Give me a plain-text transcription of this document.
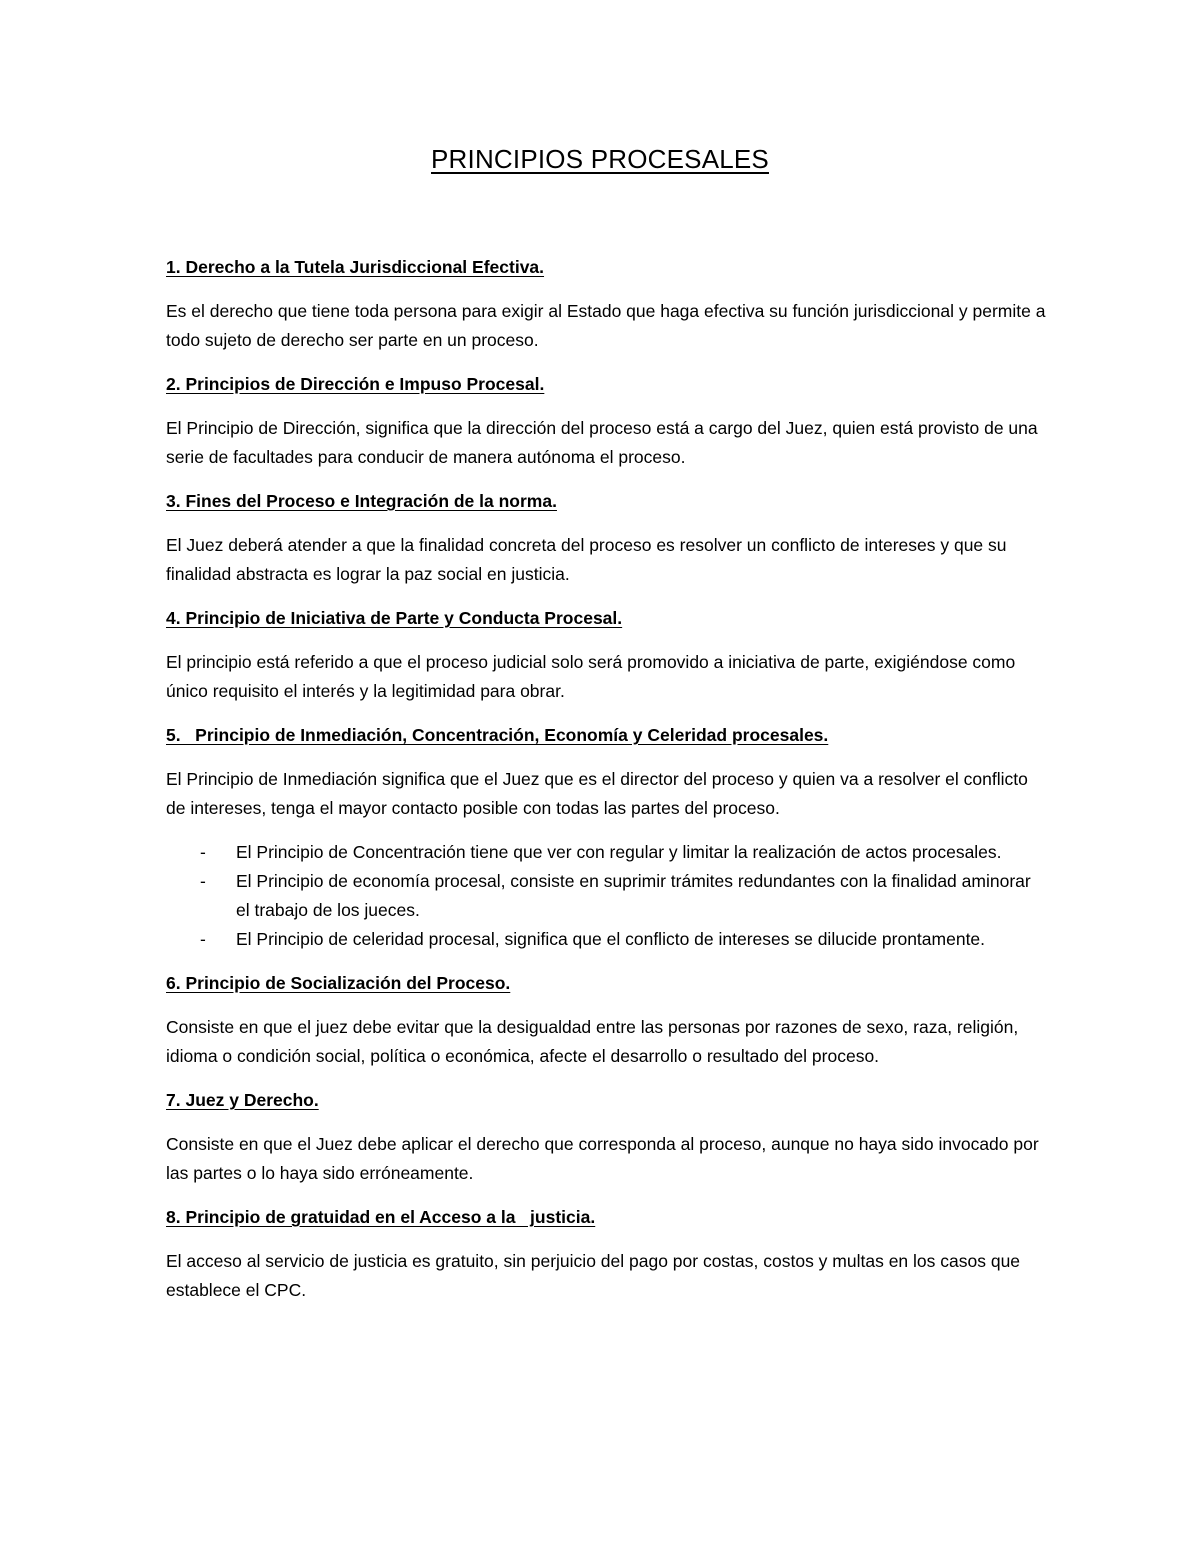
PRINCIPIOS PROCESALES
1. Derecho a la Tutela Jurisdiccional Efectiva.

Es el derecho que tiene toda persona para exigir al Estado que haga efectiva su función jurisdiccional y permite a todo sujeto de derecho ser parte en un proceso.

2. Principios de Dirección e Impuso Procesal.

El Principio de Dirección, significa que la dirección del proceso está a cargo del Juez, quien está provisto de una serie de facultades para conducir de manera autónoma el proceso.

3. Fines del Proceso e Integración de la norma.

El Juez deberá atender a que la finalidad concreta del proceso es resolver un conflicto de intereses y que su finalidad abstracta es lograr la paz social en justicia.

4. Principio de Iniciativa de Parte y Conducta Procesal.

El principio está referido a que el proceso judicial solo será promovido a iniciativa de parte, exigiéndose como único requisito el interés y la legitimidad para obrar.

5.   Principio de Inmediación, Concentración, Economía y Celeridad procesales.

El Principio de Inmediación significa que el Juez que es el director del proceso y quien va a resolver el conflicto de intereses, tenga el mayor contacto posible con todas las partes del proceso.

- El Principio de Concentración tiene que ver con regular y limitar la realización de actos procesales.
- El Principio de economía procesal, consiste en suprimir trámites redundantes con la finalidad aminorar el trabajo de los jueces.
- El Principio de celeridad procesal, significa que el conflicto de intereses se dilucide prontamente.
6. Principio de Socialización del Proceso.

Consiste en que el juez debe evitar que la desigualdad entre las personas por razones de sexo, raza, religión, idioma o condición social, política o económica, afecte el desarrollo o resultado del proceso.

7. Juez y Derecho.

Consiste en que el Juez debe aplicar el derecho que corresponda al proceso, aunque no haya sido invocado por las partes o lo haya sido erróneamente.

8. Principio de gratuidad en el Acceso a la   justicia.

El acceso al servicio de justicia es gratuito, sin perjuicio del pago por costas, costos y multas en los casos que establece el CPC.
